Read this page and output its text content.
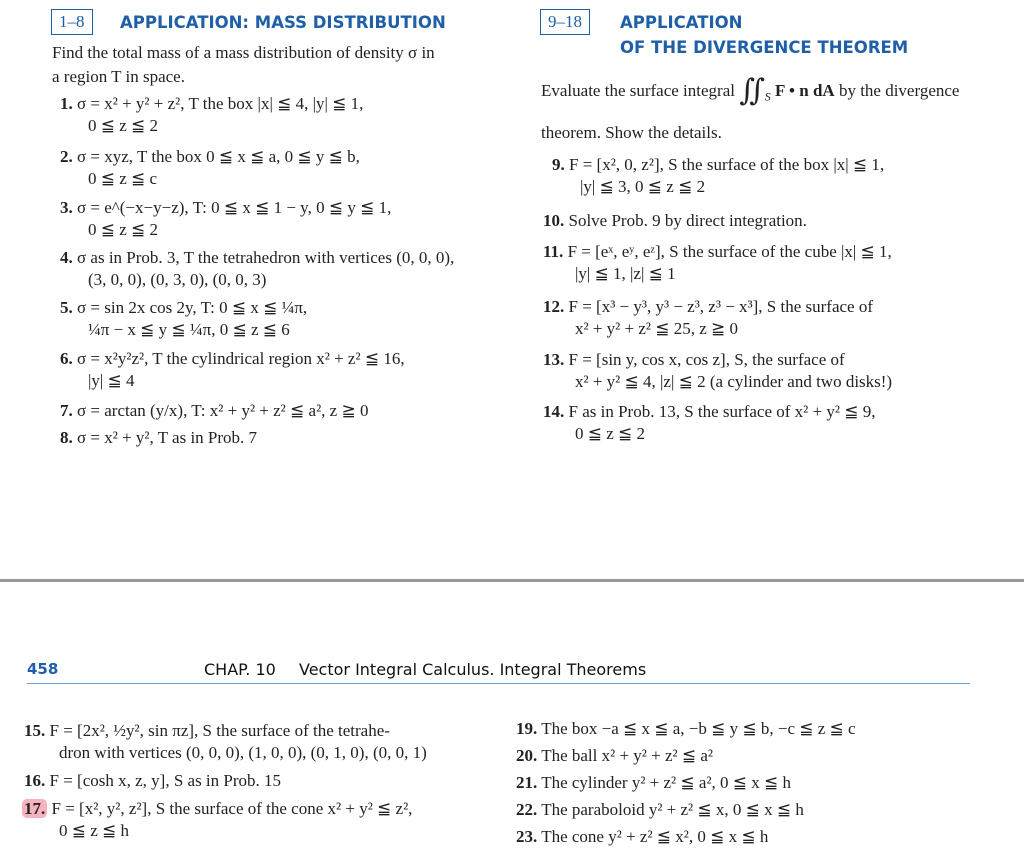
1–8	APPLICATION: MASS DISTRIBUTION
Find the total mass of a mass distribution of density σ in
a region T in space.
1. σ = x² + y² + z², T the box |x| ≦ 4, |y| ≦ 1,
0 ≦ z ≦ 2
2. σ = xyz, T the box 0 ≦ x ≦ a, 0 ≦ y ≦ b,
0 ≦ z ≦ c
3. σ = e^(−x−y−z), T: 0 ≦ x ≦ 1 − y, 0 ≦ y ≦ 1,
0 ≦ z ≦ 2
4. σ as in Prob. 3, T the tetrahedron with vertices (0, 0, 0),
(3, 0, 0), (0, 3, 0), (0, 0, 3)
5. σ = sin 2x cos 2y, T: 0 ≦ x ≦ ¼π,
¼π − x ≦ y ≦ ¼π, 0 ≦ z ≦ 6
6. σ = x²y²z², T the cylindrical region x² + z² ≦ 16,
|y| ≦ 4
7. σ = arctan (y/x), T: x² + y² + z² ≦ a², z ≧ 0
8. σ = x² + y², T as in Prob. 7
9–18	APPLICATION
OF THE DIVERGENCE THEOREM
Evaluate the surface integral $∬_S$ F • n dA by the divergence
theorem. Show the details.
9. F = [x², 0, z²], S the surface of the box |x| ≦ 1,
|y| ≦ 3, 0 ≦ z ≦ 2
10. Solve Prob. 9 by direct integration.
11. F = [eˣ, eʸ, eᶻ], S the surface of the cube |x| ≦ 1,
|y| ≦ 1, |z| ≦ 1
12. F = [x³ − y³, y³ − z³, z³ − x³], S the surface of
x² + y² + z² ≦ 25, z ≧ 0
13. F = [sin y, cos x, cos z], S, the surface of
x² + y² ≦ 4, |z| ≦ 2 (a cylinder and two disks!)
14. F as in Prob. 13, S the surface of x² + y² ≦ 9,
0 ≦ z ≦ 2
458	CHAP. 10 Vector Integral Calculus. Integral Theorems
15. F = [2x², ½y², sin πz], S the surface of the tetrahe-
dron with vertices (0, 0, 0), (1, 0, 0), (0, 1, 0), (0, 0, 1)
16. F = [cosh x, z, y], S as in Prob. 15
17. F = [x², y², z²], S the surface of the cone x² + y² ≦ z²,
0 ≦ z ≦ h
19. The box −a ≦ x ≦ a, −b ≦ y ≦ b, −c ≦ z ≦ c
20. The ball x² + y² + z² ≦ a²
21. The cylinder y² + z² ≦ a², 0 ≦ x ≦ h
22. The paraboloid y² + z² ≦ x, 0 ≦ x ≦ h
23. The cone y² + z² ≦ x², 0 ≦ x ≦ h
